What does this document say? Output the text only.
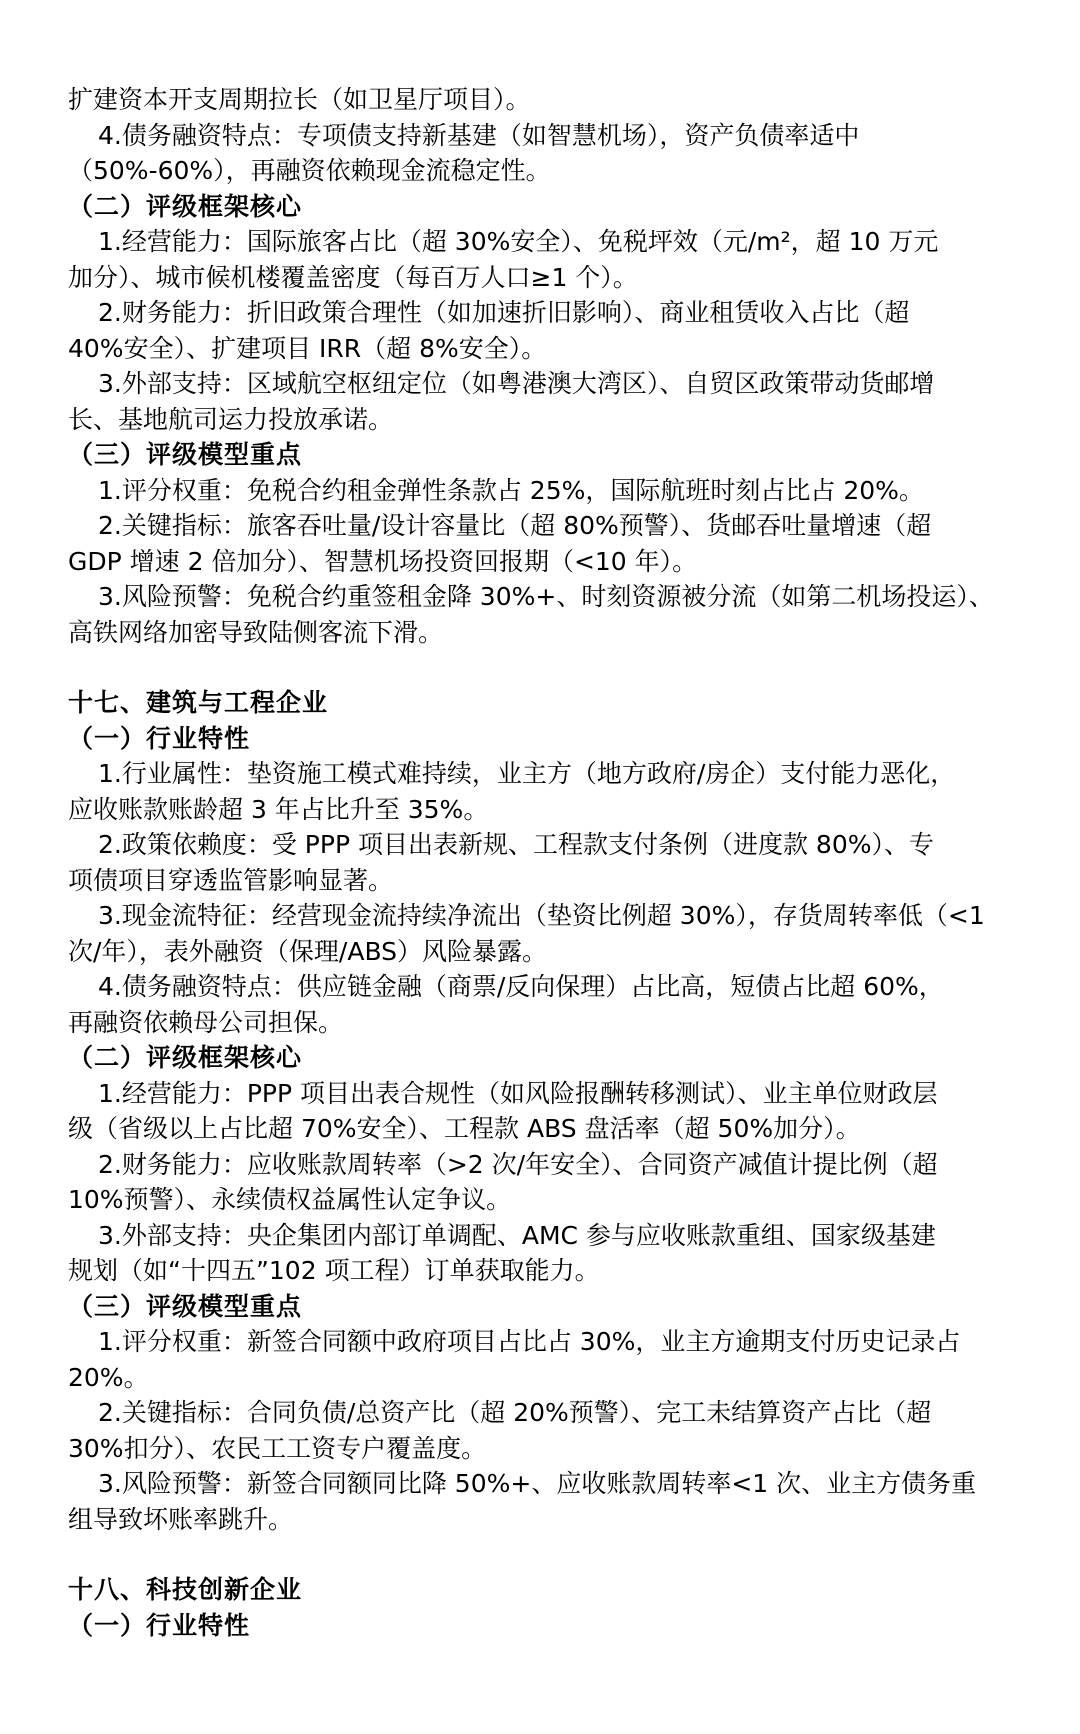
扩建资本开支周期拉长（如卫星厅项目）。

4.债务融资特点：专项债支持新基建（如智慧机场），资产负债率适中

（50%-60%），再融资依赖现金流稳定性。

（二）评级框架核心

1.经营能力：国际旅客占比（超 30%安全）、免税坪效（元/m²，超 10 万元

加分）、城市候机楼覆盖密度（每百万人口≥1 个）。

2.财务能力：折旧政策合理性（如加速折旧影响）、商业租赁收入占比（超

40%安全）、扩建项目 IRR（超 8%安全）。

3.外部支持：区域航空枢纽定位（如粤港澳大湾区）、自贸区政策带动货邮增

长、基地航司运力投放承诺。

（三）评级模型重点

1.评分权重：免税合约租金弹性条款占 25%，国际航班时刻占比占 20%。

2.关键指标：旅客吞吐量/设计容量比（超 80%预警）、货邮吞吐量增速（超

GDP 增速 2 倍加分）、智慧机场投资回报期（<10 年）。

3.风险预警：免税合约重签租金降 30%+、时刻资源被分流（如第二机场投运）、

高铁网络加密导致陆侧客流下滑。

十七、建筑与工程企业

（一）行业特性

1.行业属性：垫资施工模式难持续，业主方（地方政府/房企）支付能力恶化，

应收账款账龄超 3 年占比升至 35%。

2.政策依赖度：受 PPP 项目出表新规、工程款支付条例（进度款 80%）、专

项债项目穿透监管影响显著。

3.现金流特征：经营现金流持续净流出（垫资比例超 30%），存货周转率低（<1

次/年），表外融资（保理/ABS）风险暴露。

4.债务融资特点：供应链金融（商票/反向保理）占比高，短债占比超 60%，

再融资依赖母公司担保。

（二）评级框架核心

1.经营能力：PPP 项目出表合规性（如风险报酬转移测试）、业主单位财政层

级（省级以上占比超 70%安全）、工程款 ABS 盘活率（超 50%加分）。

2.财务能力：应收账款周转率（>2 次/年安全）、合同资产减值计提比例（超

10%预警）、永续债权益属性认定争议。

3.外部支持：央企集团内部订单调配、AMC 参与应收账款重组、国家级基建

规划（如“十四五”102 项工程）订单获取能力。

（三）评级模型重点

1.评分权重：新签合同额中政府项目占比占 30%，业主方逾期支付历史记录占

20%。

2.关键指标：合同负债/总资产比（超 20%预警）、完工未结算资产占比（超

30%扣分）、农民工工资专户覆盖度。

3.风险预警：新签合同额同比降 50%+、应收账款周转率<1 次、业主方债务重

组导致坏账率跳升。

十八、科技创新企业

（一）行业特性
